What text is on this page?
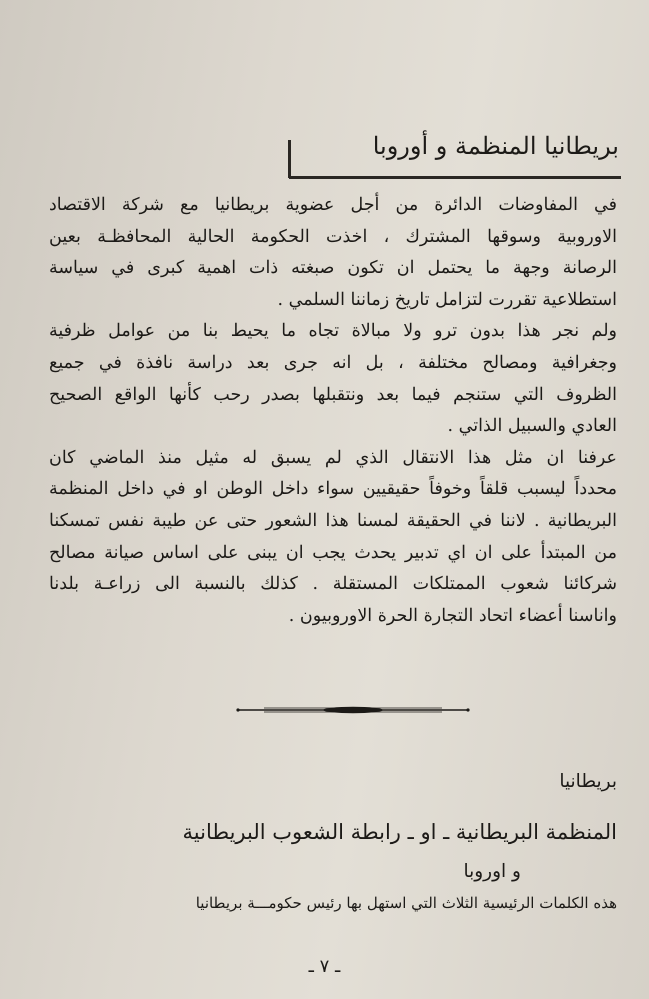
بريطانيا المنظمة و أوروبا

في المفاوضات الدائرة من أجل عضوية بريطانيا مع شركة الاقتصاد
الاوروبية وسوقها المشترك ، اخذت الحكومة الحالية المحافظـة بعين
الرصانة وجهة ما يحتمل ان تكون صبغته ذات اهمية كبرى في سياسة
استطلاعية تقررت لتزامل تاريخ زماننا السلمي .

ولم نجر هذا بدون ترو ولا مبالاة تجاه ما يحيط بنا من عوامل ظرفية
وجغرافية ومصالح مختلفة ، بل انه جرى بعد دراسة نافذة في جميع
الظروف التي ستنجم فيما بعد ونتقبلها بصدر رحب كأنها الواقع الصحيح
العادي والسبيل الذاتي .

عرفنا ان مثل هذا الانتقال الذي لم يسبق له مثيل منذ الماضي كان
محدداً ليسبب قلقاً وخوفاً حقيقيين سواء داخل الوطن او في داخل المنظمة
البريطانية . لاننا في الحقيقة لمسنا هذا الشعور حتى عن طيبة نفس تمسكنا
من المبتدأ على ان اي تدبير يحدث يجب ان يبنى على اساس صيانة مصالح
شركائنا شعوب الممتلكات المستقلة . كذلك بالنسبة الى زراعـة بلدنا
واناسنا أعضاء اتحاد التجارة الحرة الاوروبيون .

بريطانيا
المنظمة البريطانية ـ او ـ رابطة الشعوب البريطانية
و اوروبا
هذه الكلمات الرئيسية الثلاث التي استهل بها رئيس حكومـــة بريطانيا
ـ ٧ ـ
